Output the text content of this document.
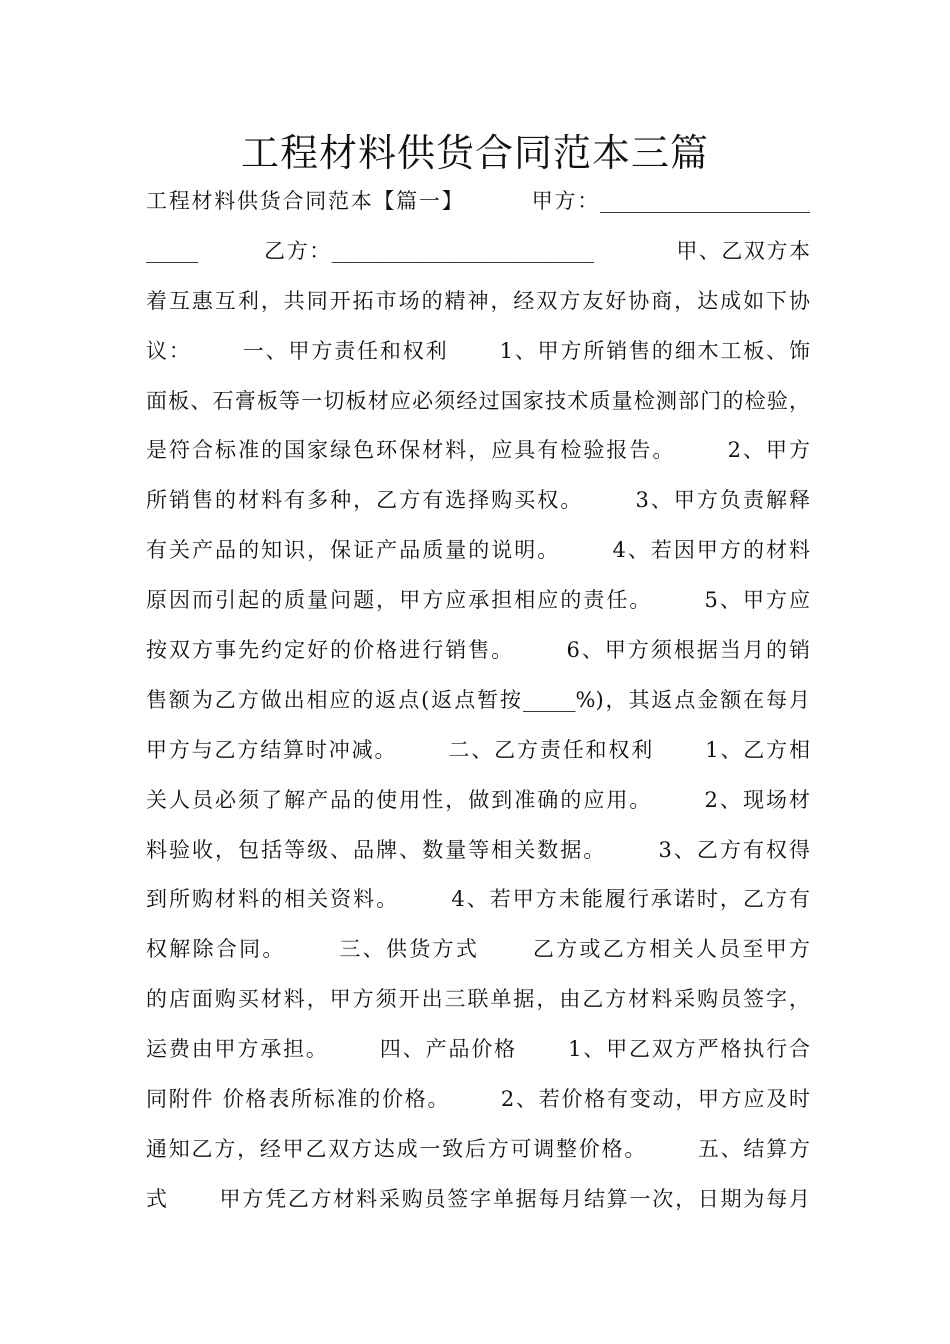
工程材料供货合同范本三篇
工程材料供货合同范本【篇一】        甲方：____________________
_____        乙方：_________________________          甲、乙双方本
着互惠互利，共同开拓市场的精神，经双方友好协商，达成如下协
议：      一、甲方责任和权利      1、甲方所销售的细木工板、饰
面板、石膏板等一切板材应必须经过国家技术质量检测部门的检验，
是符合标准的国家绿色环保材料，应具有检验报告。      2、甲方
所销售的材料有多种，乙方有选择购买权。      3、甲方负责解释
有关产品的知识，保证产品质量的说明。      4、若因甲方的材料
原因而引起的质量问题，甲方应承担相应的责任。      5、甲方应
按双方事先约定好的价格进行销售。      6、甲方须根据当月的销
售额为乙方做出相应的返点(返点暂按_____%)，其返点金额在每月
甲方与乙方结算时冲减。      二、乙方责任和权利      1、乙方相
关人员必须了解产品的使用性，做到准确的应用。      2、现场材
料验收，包括等级、品牌、数量等相关数据。      3、乙方有权得
到所购材料的相关资料。      4、若甲方未能履行承诺时，乙方有
权解除合同。      三、供货方式      乙方或乙方相关人员至甲方
的店面购买材料，甲方须开出三联单据，由乙方材料采购员签字，
运费由甲方承担。      四、产品价格      1、甲乙双方严格执行合
同附件 价格表所标准的价格。      2、若价格有变动，甲方应及时
通知乙方，经甲乙双方达成一致后方可调整价格。      五、结算方
式      甲方凭乙方材料采购员签字单据每月结算一次，日期为每月
